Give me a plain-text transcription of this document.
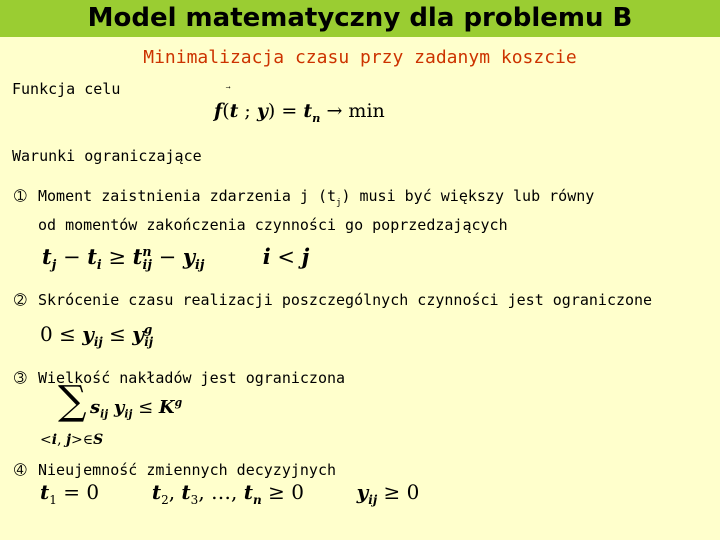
Model matematyczny dla problemu B
Minimalizacja czasu przy zadanym koszcie
Funkcja celu
f(t
; $y) = t_n \to \min$
Warunki ograniczające
➀ Moment zaistnienia zdarzenia j $(t_j)$ musi być większy lub równy
od momentów zakończenia czynności go poprzedzających
$t_j - t_i \ge t^n_{ij} - y_{ij}$	i < j
➁ Skrócenie czasu realizacji poszczególnych czynności jest ograniczone
$0 \le y_{ij} \le y^g_{ij}$
➂ Wielkość nakładów jest ograniczona
∑ $s_{ij}$ $y_{ij} \le K^g$
<i, j>∈S
➃ Nieujemność zmiennych decyzyjnych
$t_1 = 0$  $t_2$, $t_3$, …, $t_n \ge 0$  $y_{ij} \ge 0$
